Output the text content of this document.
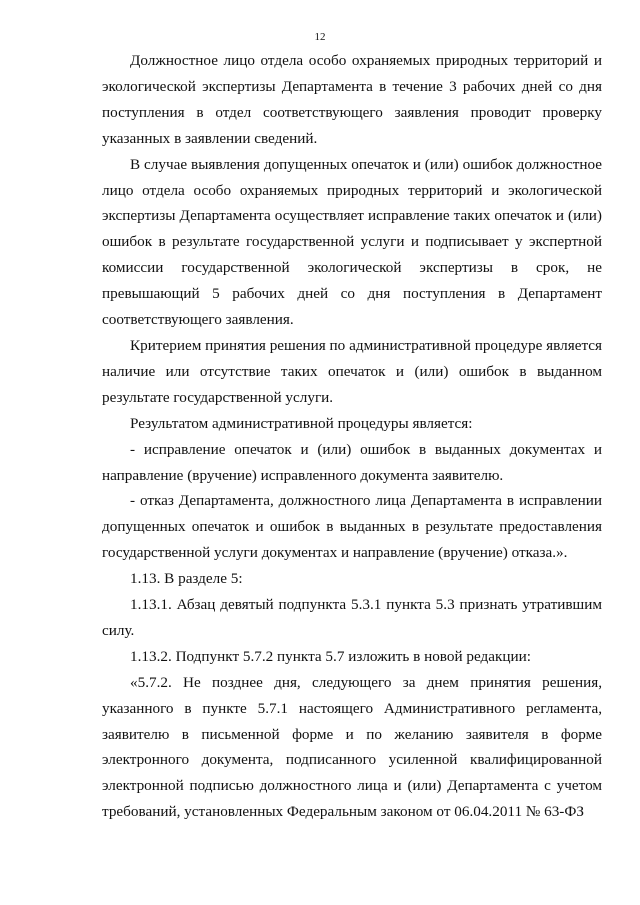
12

Должностное лицо отдела особо охраняемых природных территорий и экологической экспертизы Департамента в течение 3 рабочих дней со дня поступления в отдел соответствующего заявления проводит проверку указанных в заявлении сведений.

В случае выявления допущенных опечаток и (или) ошибок должностное лицо отдела особо охраняемых природных территорий и экологической экспертизы Департамента осуществляет исправление таких опечаток и (или) ошибок в результате государственной услуги и подписывает у экспертной комиссии государственной экологической экспертизы в срок, не превышающий 5 рабочих дней со дня поступления в Департамент соответствующего заявления.

Критерием принятия решения по административной процедуре является наличие или отсутствие таких опечаток и (или) ошибок в выданном результате государственной услуги.

Результатом административной процедуры является:

- исправление опечаток и (или) ошибок в выданных документах и направление (вручение) исправленного документа заявителю.

- отказ Департамента, должностного лица Департамента в исправлении допущенных опечаток и ошибок в выданных в результате предоставления государственной услуги документах и направление (вручение) отказа.».

1.13. В разделе 5:

1.13.1. Абзац девятый подпункта 5.3.1 пункта 5.3 признать утратившим силу.

1.13.2. Подпункт 5.7.2 пункта 5.7 изложить в новой редакции:

«5.7.2. Не позднее дня, следующего за днем принятия решения, указанного в пункте 5.7.1 настоящего Административного регламента, заявителю в письменной форме и по желанию заявителя в форме электронного документа, подписанного усиленной квалифицированной электронной подписью должностного лица и (или) Департамента с учетом требований, установленных Федеральным законом от 06.04.2011 № 63-ФЗ
